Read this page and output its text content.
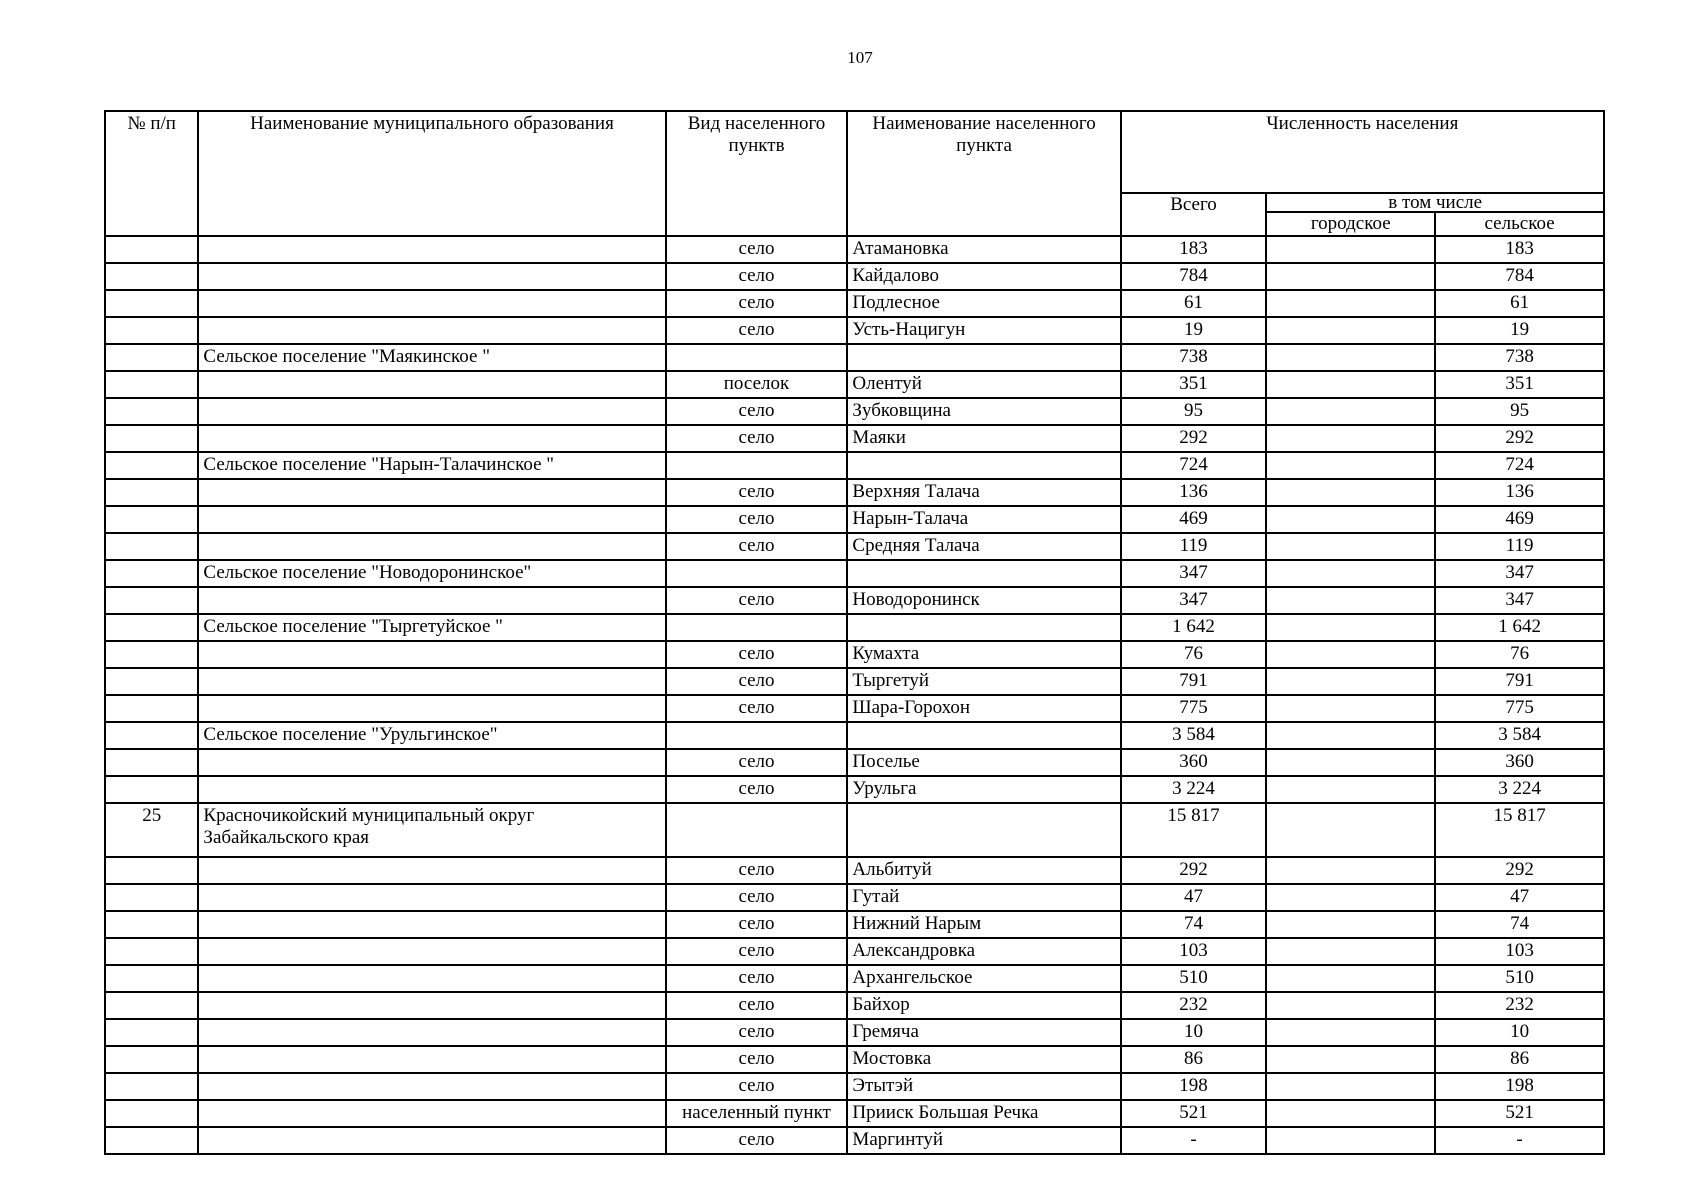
107
№ п/п	Наименование муниципального образования	Вид населенного пунктв	Наименование населенного пункта	Численность населения		
				Всего	в том числе	
					городское	сельское
		село	Атамановка	183		183
		село	Кайдалово	784		784
		село	Подлесное	61		61
		село	Усть-Нацигун	19		19
	Сельское поселение "Маякинское "			738		738
		поселок	Олентуй	351		351
		село	Зубковщина	95		95
		село	Маяки	292		292
	Сельское поселение "Нарын-Талачинское "			724		724
		село	Верхняя Талача	136		136
		село	Нарын-Талача	469		469
		село	Средняя Талача	119		119
	Сельское поселение "Новодоронинское"			347		347
		село	Новодоронинск	347		347
	Сельское поселение "Тыргетуйское "			1 642		1 642
		село	Кумахта	76		76
		село	Тыргетуй	791		791
		село	Шара-Горохон	775		775
	Сельское поселение "Урульгинское"			3 584		3 584
		село	Поселье	360		360
		село	Урульга	3 224		3 224
25	Красночикойский муниципальный округ Забайкальского края			15 817		15 817
		село	Альбитуй	292		292
		село	Гутай	47		47
		село	Нижний Нарым	74		74
		село	Александровка	103		103
		село	Архангельское	510		510
		село	Байхор	232		232
		село	Гремяча	10		10
		село	Мостовка	86		86
		село	Этытэй	198		198
		населенный пункт	Прииск Большая Речка	521		521
		село	Маргинтуй	-		-
